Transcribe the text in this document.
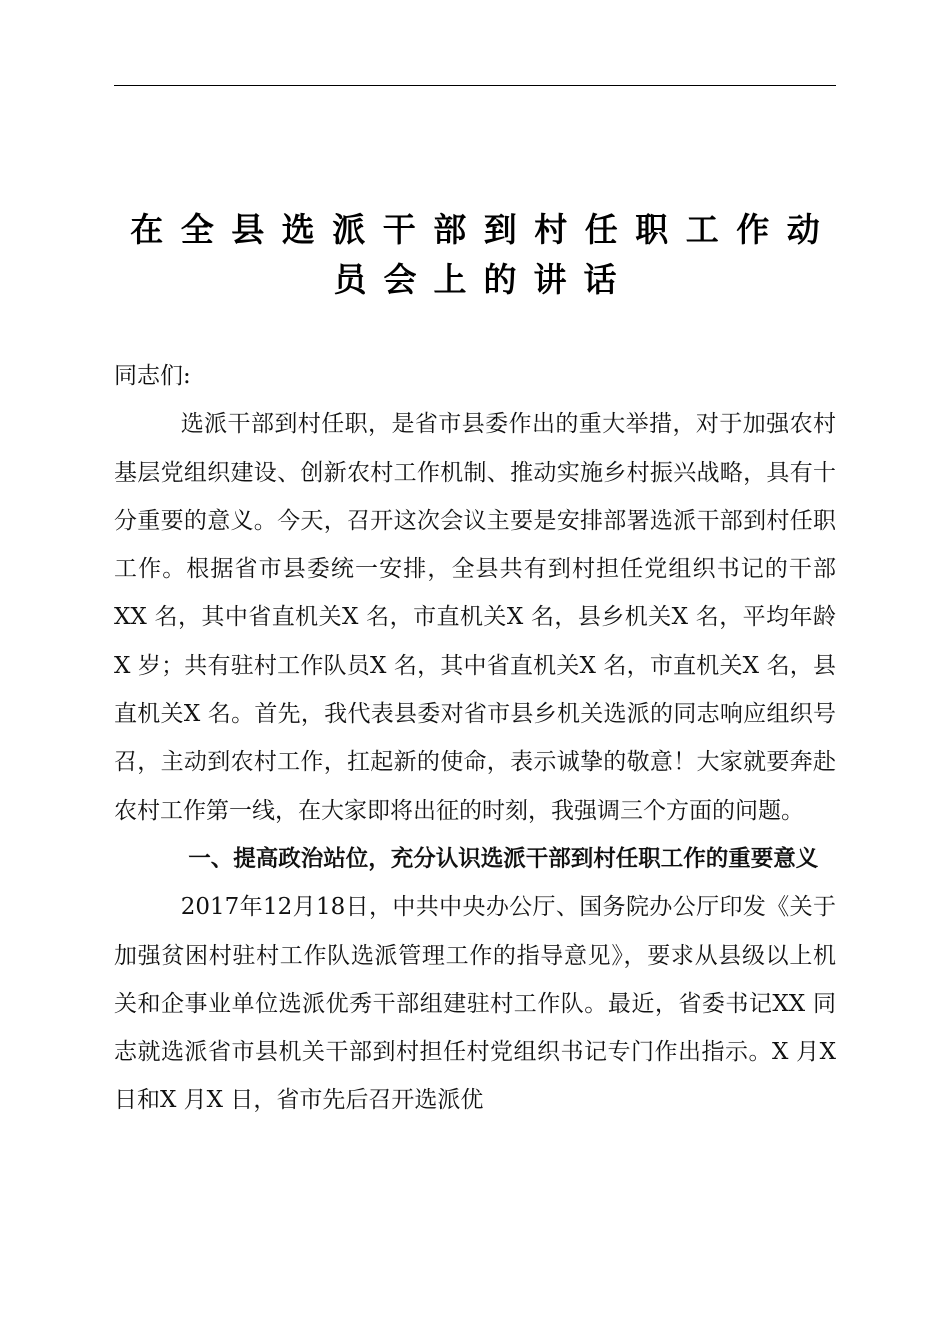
在全县选派干部到村任职工作动
员会上的讲话

同志们:

选派干部到村任职，是省市县委作出的重大举措，对于加强农村基层党组织建设、创新农村工作机制、推动实施乡村振兴战略，具有十分重要的意义。今天，召开这次会议主要是安排部署选派干部到村任职工作。根据省市县委统一安排，全县共有到村担任党组织书记的干部XX 名，其中省直机关X 名，市直机关X 名，县乡机关X 名，平均年龄X 岁；共有驻村工作队员X 名，其中省直机关X 名，市直机关X 名，县直机关X 名。首先，我代表县委对省市县乡机关选派的同志响应组织号召，主动到农村工作，扛起新的使命，表示诚挚的敬意！大家就要奔赴农村工作第一线，在大家即将出征的时刻，我强调三个方面的问题。

一、提高政治站位，充分认识选派干部到村任职工作的重要意义

2017年12月18日，中共中央办公厅、国务院办公厅印发《关于加强贫困村驻村工作队选派管理工作的指导意见》，要求从县级以上机关和企事业单位选派优秀干部组建驻村工作队。最近，省委书记XX 同志就选派省市县机关干部到村担任村党组织书记专门作出指示。X 月X 日和X 月X 日，省市先后召开选派优
